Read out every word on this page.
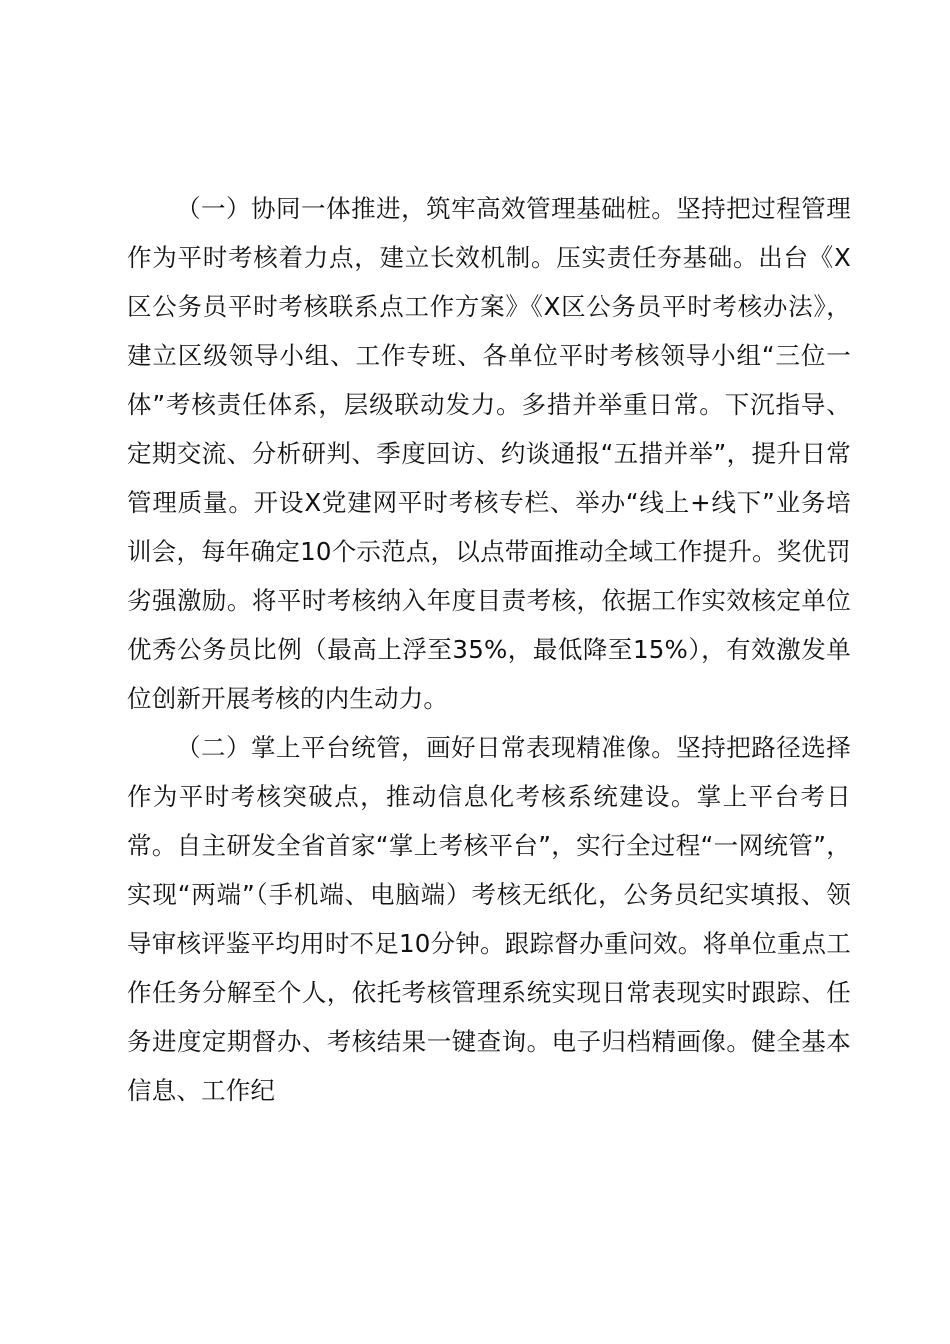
（一）协同一体推进，筑牢高效管理基础桩。坚持把过程管理作为平时考核着力点，建立长效机制。压实责任夯基础。出台《X区公务员平时考核联系点工作方案》《X区公务员平时考核办法》，建立区级领导小组、工作专班、各单位平时考核领导小组“三位一体”考核责任体系，层级联动发力。多措并举重日常。下沉指导、定期交流、分析研判、季度回访、约谈通报“五措并举”，提升日常管理质量。开设X党建网平时考核专栏、举办“线上+线下”业务培训会，每年确定10个示范点，以点带面推动全域工作提升。奖优罚劣强激励。将平时考核纳入年度目责考核，依据工作实效核定单位优秀公务员比例（最高上浮至35%，最低降至15%），有效激发单位创新开展考核的内生动力。

（二）掌上平台统管，画好日常表现精准像。坚持把路径选择作为平时考核突破点，推动信息化考核系统建设。掌上平台考日常。自主研发全省首家“掌上考核平台”，实行全过程“一网统管”，实现“两端”（手机端、电脑端）考核无纸化，公务员纪实填报、领导审核评鉴平均用时不足10分钟。跟踪督办重问效。将单位重点工作任务分解至个人，依托考核管理系统实现日常表现实时跟踪、任务进度定期督办、考核结果一键查询。电子归档精画像。健全基本信息、工作纪
